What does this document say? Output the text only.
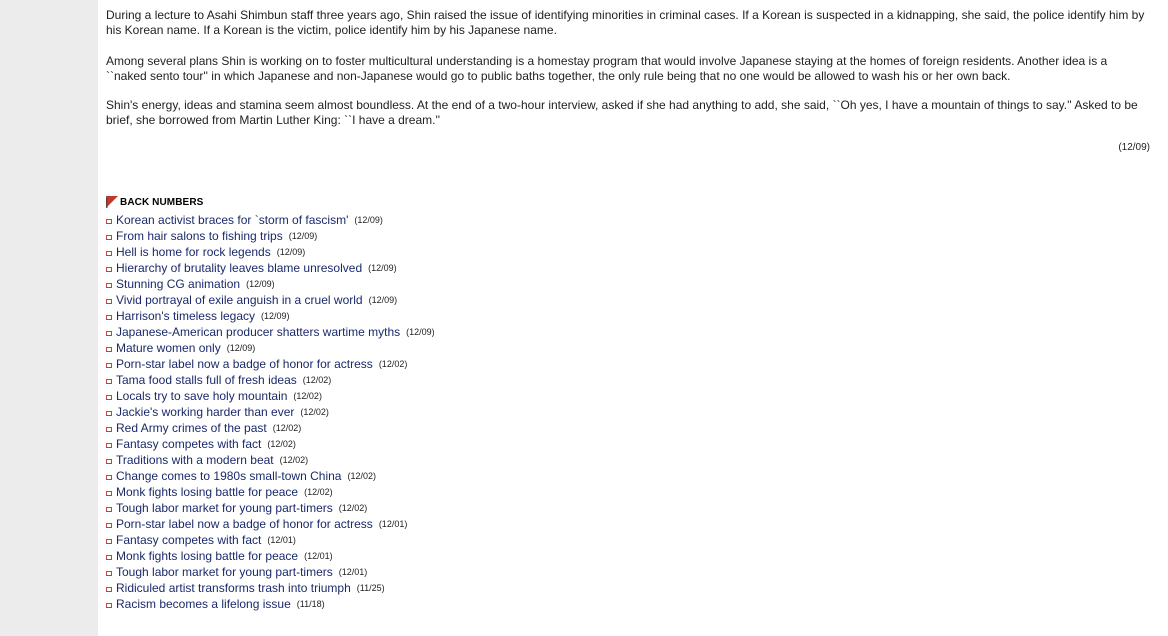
During a lecture to Asahi Shimbun staff three years ago, Shin raised the issue of identifying minorities in criminal cases. If a Korean is suspected in a kidnapping, she said, the police identify him by his Korean name. If a Korean is the victim, police identify him by his Japanese name.

Among several plans Shin is working on to foster multicultural understanding is a homestay program that would involve Japanese staying at the homes of foreign residents. Another idea is a ``naked sento tour'' in which Japanese and non-Japanese would go to public baths together, the only rule being that no one would be allowed to wash his or her own back.

Shin's energy, ideas and stamina seem almost boundless. At the end of a two-hour interview, asked if she had anything to add, she said, ``Oh yes, I have a mountain of things to say.'' Asked to be brief, she borrowed from Martin Luther King: ``I have a dream.''

(12/09)
BACK NUMBERS
Korean activist braces for `storm of fascism' (12/09)
From hair salons to fishing trips (12/09)
Hell is home for rock legends (12/09)
Hierarchy of brutality leaves blame unresolved (12/09)
Stunning CG animation (12/09)
Vivid portrayal of exile anguish in a cruel world (12/09)
Harrison's timeless legacy (12/09)
Japanese-American producer shatters wartime myths (12/09)
Mature women only (12/09)
Porn-star label now a badge of honor for actress (12/02)
Tama food stalls full of fresh ideas (12/02)
Locals try to save holy mountain (12/02)
Jackie's working harder than ever (12/02)
Red Army crimes of the past (12/02)
Fantasy competes with fact (12/02)
Traditions with a modern beat (12/02)
Change comes to 1980s small-town China (12/02)
Monk fights losing battle for peace (12/02)
Tough labor market for young part-timers (12/02)
Porn-star label now a badge of honor for actress (12/01)
Fantasy competes with fact (12/01)
Monk fights losing battle for peace (12/01)
Tough labor market for young part-timers (12/01)
Ridiculed artist transforms trash into triumph (11/25)
Racism becomes a lifelong issue (11/18)
